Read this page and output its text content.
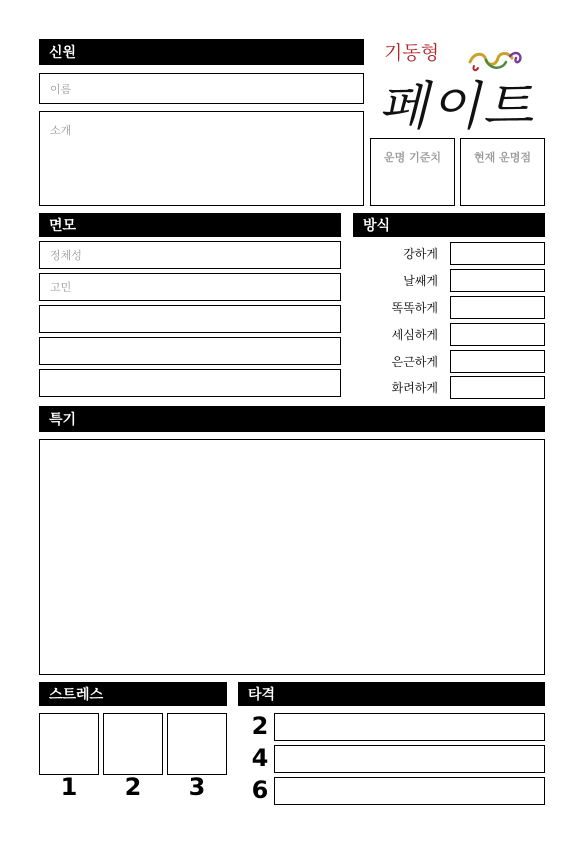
신원
이름
소개
기동형
페이트
운명 기준치	현재 운명점
면모
정체성
고민
방식
강하게
날쌔게
똑똑하게
세심하게
은근하게
화려하게
특기
스트레스
1	2	3
타격
2
4
6
